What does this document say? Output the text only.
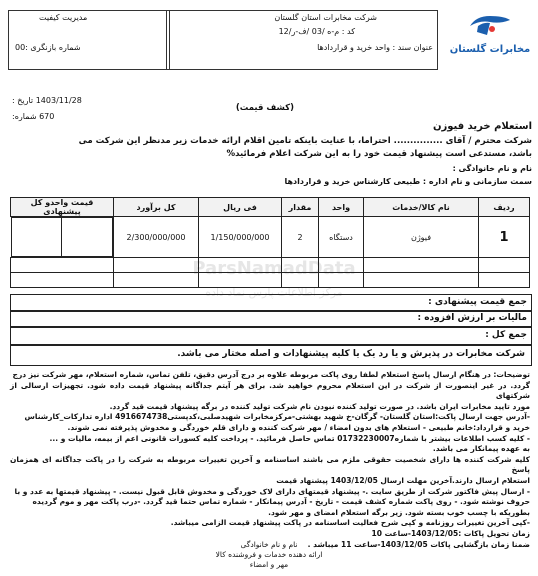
شرکت مخابرات استان گلستان
کد : م-ه /03 /ف-ر/12
عنوان سند : واحد خرید و قراردادها
مدیریت کیفیت
شماره بازنگری :00	مخابرات گلستان
1403/11/28 تاریخ :
670 شماره:
(کشف قیمت)
استعلام خرید فیوزن
شرکت محترم / آقای ............... احتراما، با عنایت باینکه تامین اقلام ارائه خدمات زیر مدنظر این شرکت می
باشد، مستدعی است پیشنهاد قیمت خود را به این شرکت اعلام فرمائید%
نام و نام خانوادگی :
سمت سازمانی و نام اداره : طبیعی کارشناس خرید و قراردادها
ParsNamadData
مرکز اطلاعات پارس نماد داده
ردیف	نام کالا/خدمات	واحد	مقدار	فی ریال	کل برآورد	قیمت واحدو کل پیشنهادی
1	فیوژن	دستگاه	2	1/150/000/000	2/300/000/000	

جمع قیمت پیشنهادی :
مالیات بر ارزش افزوده :
جمع کل :
شرکت مخابرات در پذیرش و یا رد یک یا کلیه پیشنهادات و اصله مختار می باشد.
توضیحات: در هنگام ارسال پاسخ استعلام لطفا روی پاکت مربوطه علاوه بر درج آدرس دقیق، تلفن تماس، شماره استعلام، مهر شرکت نیز درج
گردد. در غیر اینصورت از شرکت در این استعلام محروم خواهید شد. برای هر آیتم جداگانه پیشنهاد قیمت داده شود. تجهیزات ارسالی از شرکتهای
مورد تایید مخابرات ایران باشد. در صورت تولید کننده نبودن نام شرکت تولید کننده در برگه پیشنهاد قیمت قید گردد.
-آدرس جهت ارسال پاکت:استان گلستان- گرگان-خ شهید بهشتی-مرکزمخابرات شهیدصلبی،کدپستی4916674738 اداره تدارکات_کارشناس
خرید و قرارداد:خانم طبیعی - استعلام های بدون امضاء / مهر شرکت کننده و دارای قلم خوردگی و مخدوش پذیرفته نمی شوند.
- کلیه کسب اطلاعات بیشتر با شماره01732230007 تماس حاصل فرمائید. - پرداخت کلیه کسورات قانونی اعم از بیمه، مالیات و ...
به عهده پیمانکار می باشد.
کلیه شرکت کننده ها دارای شخصیت حقوقی ملزم می باشند اساسنامه و آخرین تغییرات مربوطه به شرکت را در پاکت جداگانه ای همزمان پاسخ
استعلام ارسال دارند.آخرین مهلت ارسال 1403/12/05 پیشنهاد قیمت
- ارسال پیش فاکتور شرکت از طریق سایت .- پیشنهاد قیمتهای دارای لاک خوردگی و مخدوش قابل قبول نیست. - پیشنهاد قیمتها به عدد و با
حروف نوشته شود. - روی پاکت شماره کشف قیمت - تاریخ - آدرس پیمانکار - شماره تماس حتما قید گردد. -درب پاکت مهر و موم گردیده
بطوریکه با چسب خوب بسته شود. زیر برگه استعلام امضای و مهر شود.
-کپی آخرین تغییرات روزنامه و کپی شرح فعالیت اساسنامه در پاکت پیشنهاد قیمت الزامی میباشد.
زمان تحویل پاکات :1403/12/05-ساعت 10
ضمنا زمان بازگشایی پاکات 1403/12/05-ساعت 11 میباشد .
نام و نام خانوادگی
ارائه دهنده خدمات و فروشنده کالا
مهر و امضاء
